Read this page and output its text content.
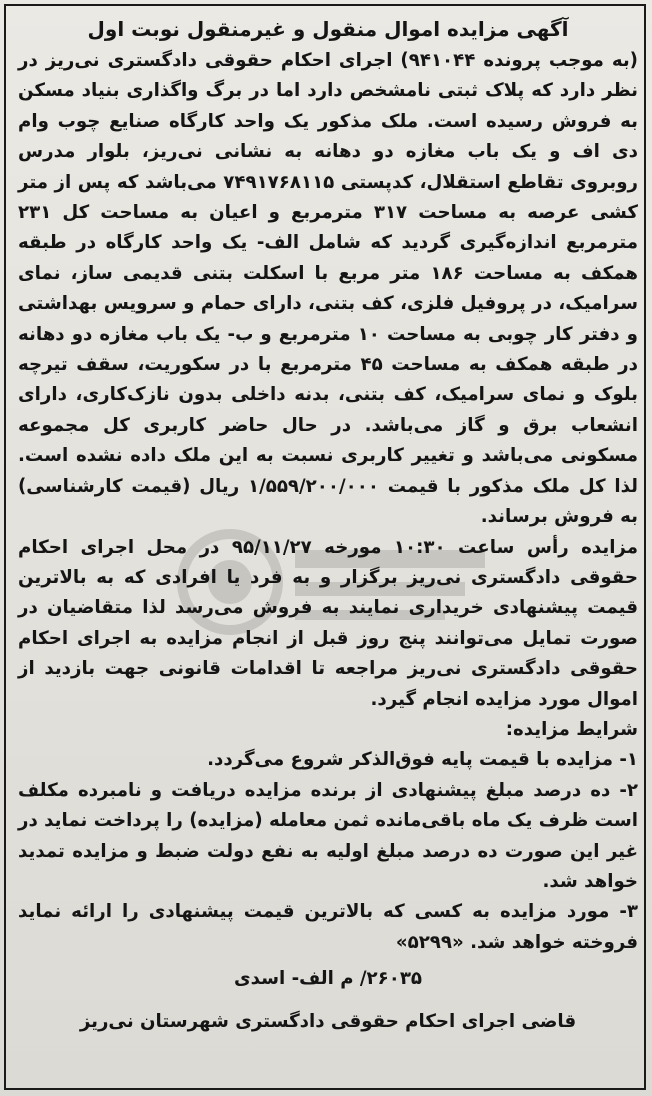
آگهی مزایده اموال منقول و غیرمنقول نوبت اول

(به موجب پرونده ۹۴۱۰۴۴) اجرای احکام حقوقی دادگستری نی‌ریز در نظر دارد که پلاک ثبتی نامشخص دارد اما در برگ واگذاری بنیاد مسکن به فروش رسیده است. ملک مذکور یک واحد کارگاه صنایع چوب وام دی اف و یک باب مغازه دو دهانه به نشانی نی‌ریز، بلوار مدرس روبروی تقاطع استقلال، کدپستی ۷۴۹۱۷۶۸۱۱۵ می‌باشد که پس از متر کشی عرصه به مساحت ۳۱۷ مترمربع و اعیان به مساحت کل ۲۳۱ مترمربع اندازه‌گیری گردید که شامل الف- یک واحد کارگاه در طبقه همکف به مساحت ۱۸۶ متر مربع با اسکلت بتنی قدیمی ساز، نمای سرامیک، در پروفیل فلزی، کف بتنی، دارای حمام و سرویس بهداشتی و دفتر کار چوبی به مساحت ۱۰ مترمربع و ب- یک باب مغازه دو دهانه در طبقه همکف به مساحت ۴۵ مترمربع با در سکوریت، سقف تیرچه بلوک و نمای سرامیک، کف بتنی، بدنه داخلی بدون نازک‌کاری، دارای انشعاب برق و گاز می‌باشد. در حال حاضر کاربری کل مجموعه مسکونی می‌باشد و تغییر کاربری نسبت به این ملک داده نشده است. لذا کل ملک مذکور با قیمت ۱/۵۵۹/۲۰۰/۰۰۰ ریال (قیمت کارشناسی) به فروش برساند.

مزایده رأس ساعت ۱۰:۳۰ مورخه ۹۵/۱۱/۲۷ در محل اجرای احکام حقوقی دادگستری نی‌ریز برگزار و به فرد یا افرادی که به بالاترین قیمت پیشنهادی خریداری نمایند به فروش می‌رسد لذا متقاضیان در صورت تمایل می‌توانند پنج روز قبل از انجام مزایده به اجرای احکام حقوقی دادگستری نی‌ریز مراجعه تا اقدامات قانونی جهت بازدید از اموال مورد مزایده انجام گیرد.

شرایط مزایده:

۱- مزایده با قیمت پایه فوق‌الذکر شروع می‌گردد.

۲- ده درصد مبلغ پیشنهادی از برنده مزایده دریافت و نامبرده مکلف است ظرف یک ماه باقی‌مانده ثمن معامله (مزایده) را پرداخت نماید در غیر این صورت ده درصد مبلغ اولیه به نفع دولت ضبط و مزایده تمدید خواهد شد.

۳- مورد مزایده به کسی که بالاترین قیمت پیشنهادی را ارائه نماید فروخته خواهد شد. «۵۲۹۹»

۲۶۰۳۵/ م الف- اسدی
قاضی اجرای احکام حقوقی دادگستری شهرستان نی‌ریز
